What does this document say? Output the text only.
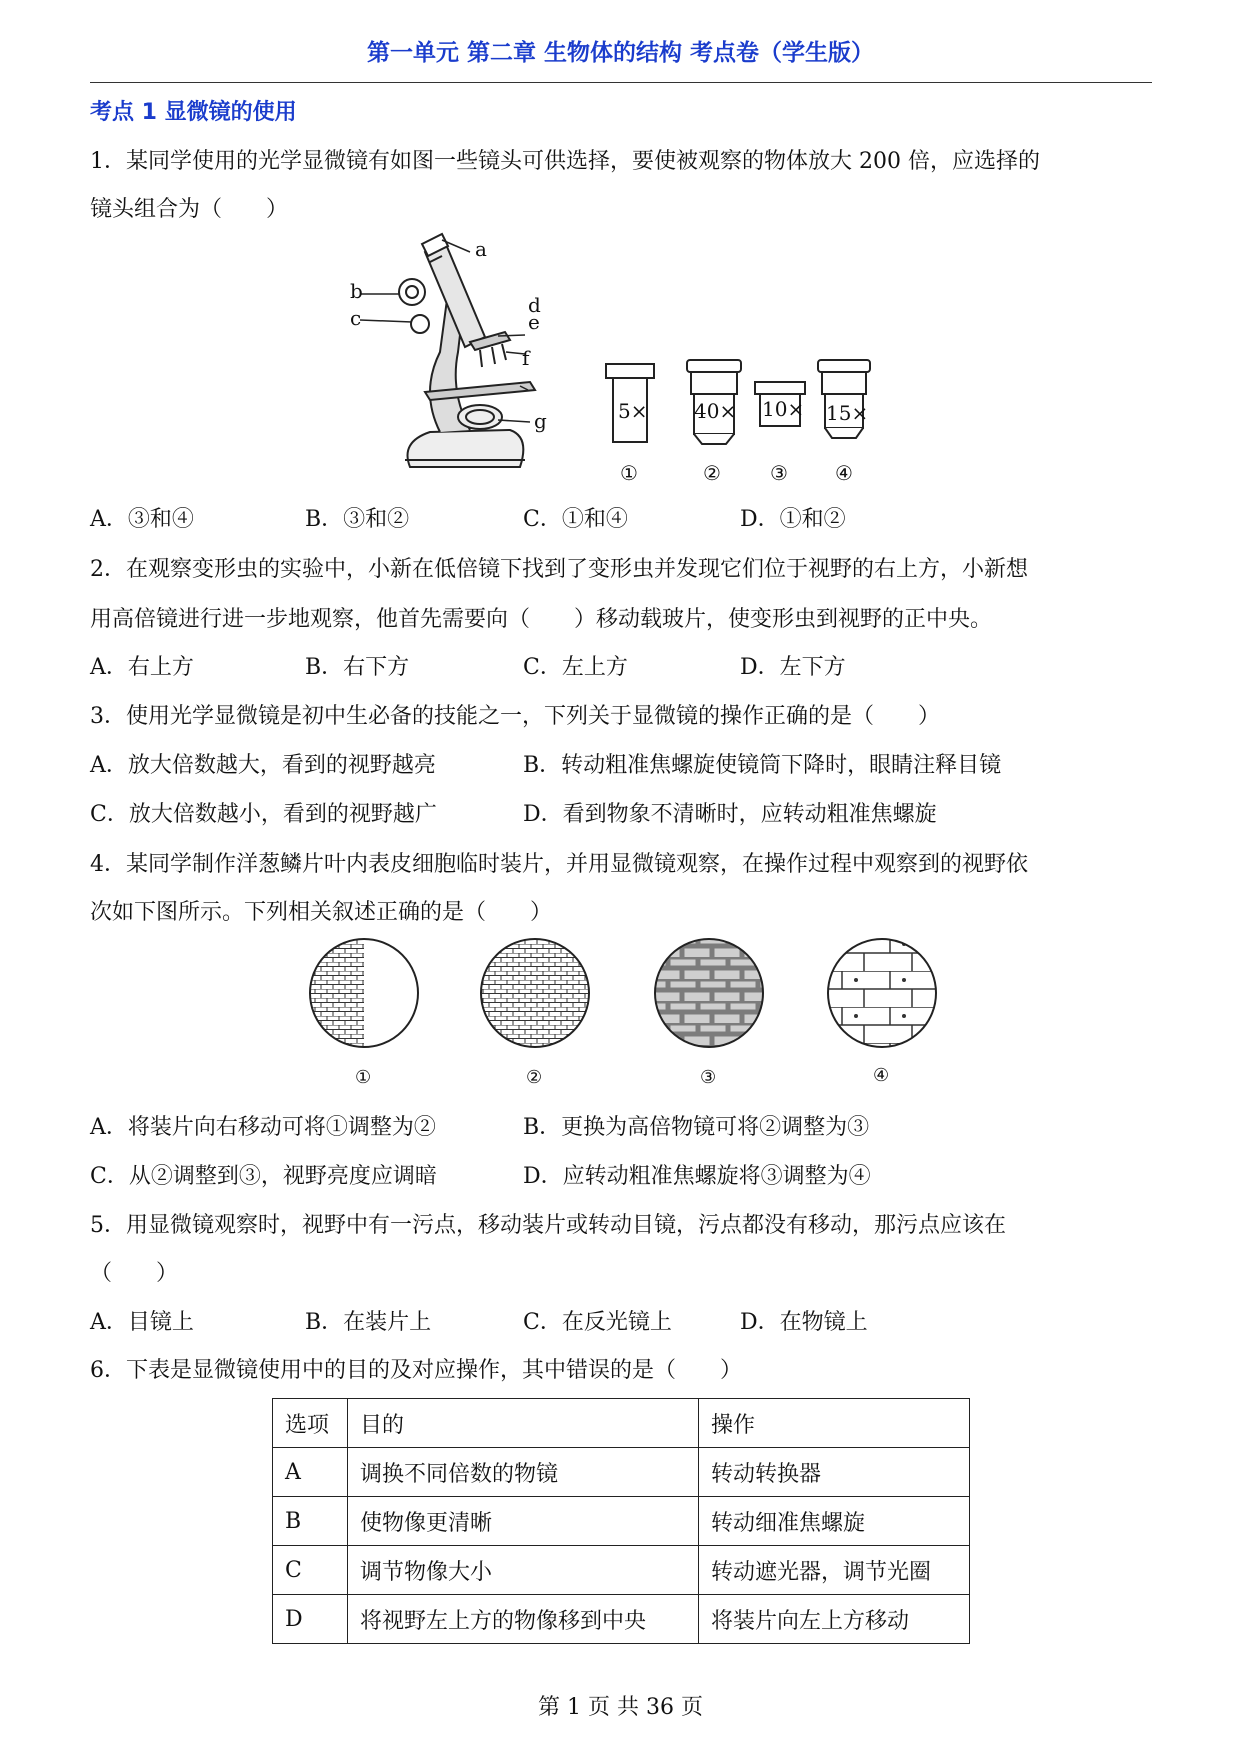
第一单元 第二章 生物体的结构 考点卷（学生版）
考点 1 显微镜的使用
1．某同学使用的光学显微镜有如图一些镜头可供选择，要使被观察的物体放大 200 倍，应选择的
镜头组合为（　　）
a
b
c
d
e
f
g	5× 40× 10× 15×
①	② ③ ④
A．③和④	B．③和②	C．①和④	D．①和②
2．在观察变形虫的实验中，小新在低倍镜下找到了变形虫并发现它们位于视野的右上方，小新想
用高倍镜进行进一步地观察，他首先需要向（　　）移动载玻片，使变形虫到视野的正中央。
A．右上方	B．右下方	C．左上方	D．左下方
3．使用光学显微镜是初中生必备的技能之一，下列关于显微镜的操作正确的是（　　）
A．放大倍数越大，看到的视野越亮	B．转动粗准焦螺旋使镜筒下降时，眼睛注释目镜
C．放大倍数越小，看到的视野越广	D．看到物象不清晰时，应转动粗准焦螺旋
4．某同学制作洋葱鳞片叶内表皮细胞临时装片，并用显微镜观察，在操作过程中观察到的视野依
次如下图所示。下列相关叙述正确的是（　　）
①	②	③	④
A．将装片向右移动可将①调整为②	B．更换为高倍物镜可将②调整为③
C．从②调整到③，视野亮度应调暗	D．应转动粗准焦螺旋将③调整为④
5．用显微镜观察时，视野中有一污点，移动装片或转动目镜，污点都没有移动，那污点应该在
（　　）
A．目镜上	B．在装片上	C．在反光镜上	D．在物镜上
6．下表是显微镜使用中的目的及对应操作，其中错误的是（　　）
选项	目的	操作
A	调换不同倍数的物镜	转动转换器
B	使物像更清晰	转动细准焦螺旋
C	调节物像大小	转动遮光器，调节光圈
D	将视野左上方的物像移到中央	将装片向左上方移动
第 1 页 共 36 页
